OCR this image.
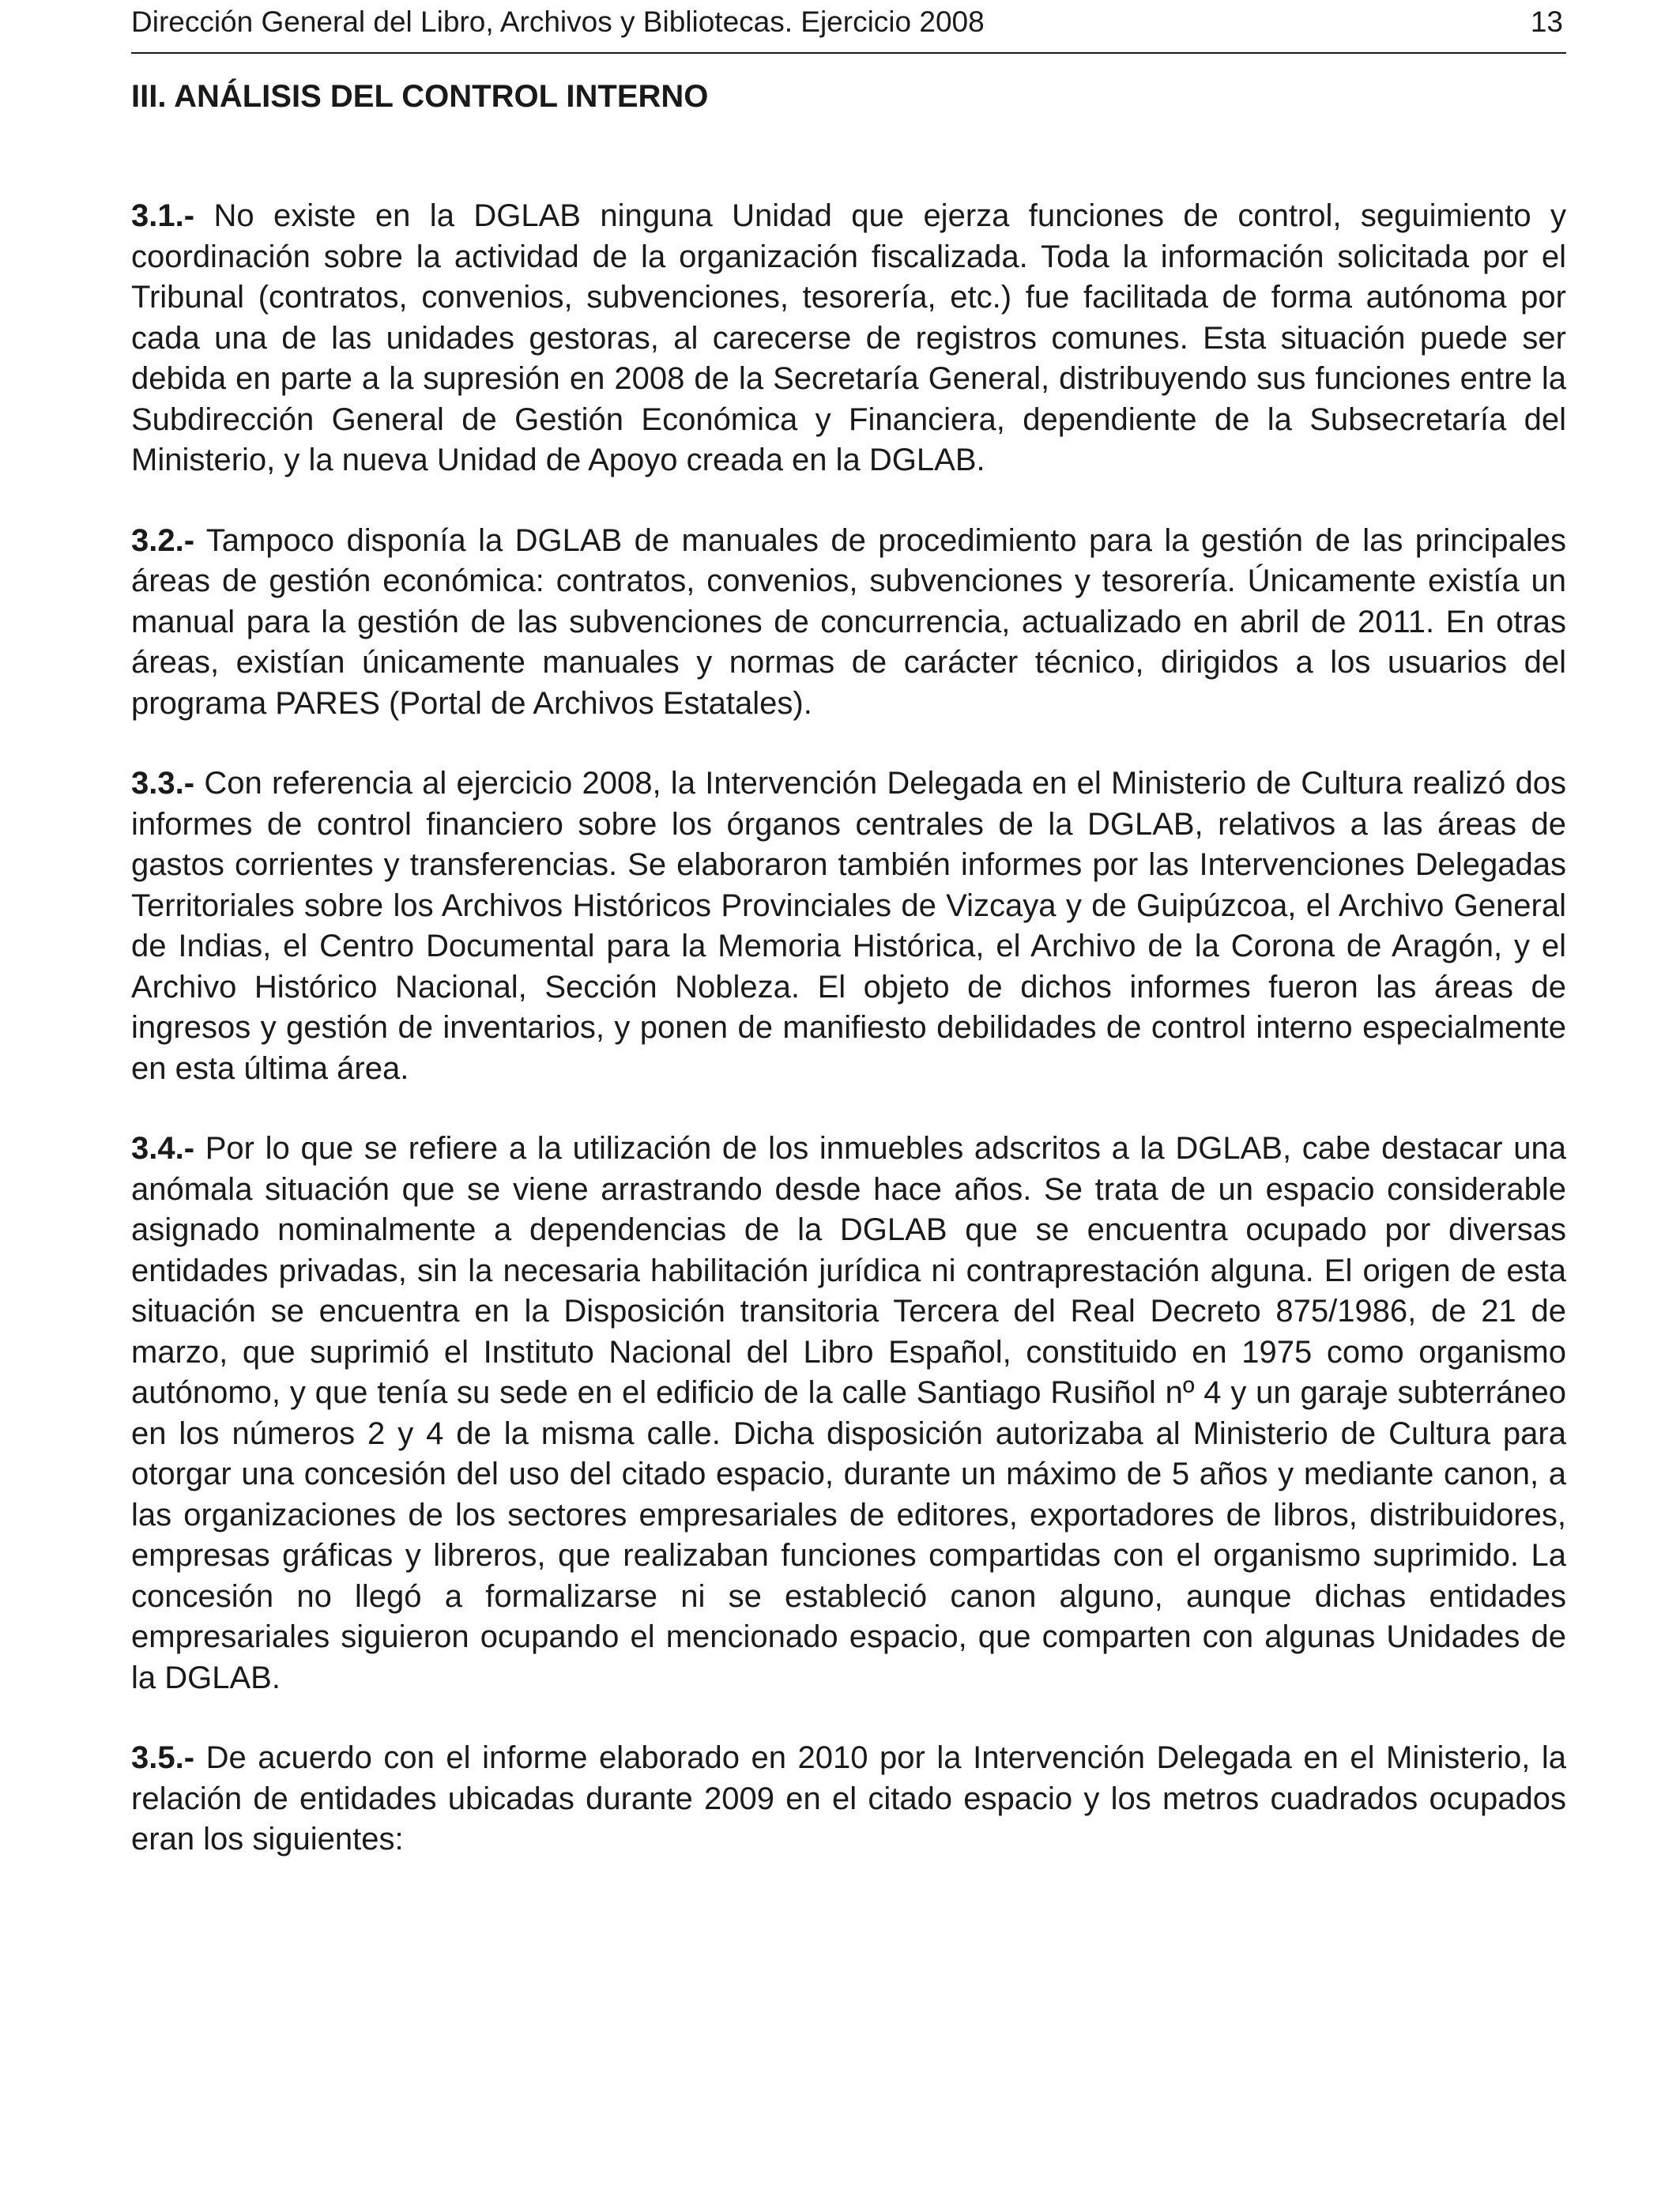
Dirección General del Libro, Archivos y Bibliotecas. Ejercicio 2008	13
III. ANÁLISIS DEL CONTROL INTERNO

3.1.- No existe en la DGLAB ninguna Unidad que ejerza funciones de control, seguimiento y coordinación sobre la actividad de la organización fiscalizada. Toda la información solicitada por el Tribunal (contratos, convenios, subvenciones, tesorería, etc.) fue facilitada de forma autónoma por cada una de las unidades gestoras, al carecerse de registros comunes. Esta situación puede ser debida en parte a la supresión en 2008 de la Secretaría General, distribuyendo sus funciones entre la Subdirección General de Gestión Económica y Financiera, dependiente de la Subsecretaría del Ministerio, y la nueva Unidad de Apoyo creada en la DGLAB.

3.2.- Tampoco disponía la DGLAB de manuales de procedimiento para la gestión de las principales áreas de gestión económica: contratos, convenios, subvenciones y tesorería. Únicamente existía un manual para la gestión de las subvenciones de concurrencia, actualizado en abril de 2011. En otras áreas, existían únicamente manuales y normas de carácter técnico, dirigidos a los usuarios del programa PARES (Portal de Archivos Estatales).

3.3.- Con referencia al ejercicio 2008, la Intervención Delegada en el Ministerio de Cultura realizó dos informes de control financiero sobre los órganos centrales de la DGLAB, relativos a las áreas de gastos corrientes y transferencias. Se elaboraron también informes por las Intervenciones Delegadas Territoriales sobre los Archivos Históricos Provinciales de Vizcaya y de Guipúzcoa, el Archivo General de Indias, el Centro Documental para la Memoria Histórica, el Archivo de la Corona de Aragón, y el Archivo Histórico Nacional, Sección Nobleza. El objeto de dichos informes fueron las áreas de ingresos y gestión de inventarios, y ponen de manifiesto debilidades de control interno especialmente en esta última área.

3.4.- Por lo que se refiere a la utilización de los inmuebles adscritos a la DGLAB, cabe destacar una anómala situación que se viene arrastrando desde hace años. Se trata de un espacio considerable asignado nominalmente a dependencias de la DGLAB que se encuentra ocupado por diversas entidades privadas, sin la necesaria habilitación jurídica ni contraprestación alguna. El origen de esta situación se encuentra en la Disposición transitoria Tercera del Real Decreto 875/1986, de 21 de marzo, que suprimió el Instituto Nacional del Libro Español, constituido en 1975 como organismo autónomo, y que tenía su sede en el edificio de la calle Santiago Rusiñol nº 4 y un garaje subterráneo en los números 2 y 4 de la misma calle. Dicha disposición autorizaba al Ministerio de Cultura para otorgar una concesión del uso del citado espacio, durante un máximo de 5 años y mediante canon, a las organizaciones de los sectores empresariales de editores, exportadores de libros, distribuidores, empresas gráficas y libreros, que realizaban funciones compartidas con el organismo suprimido. La concesión no llegó a formalizarse ni se estableció canon alguno, aunque dichas entidades empresariales siguieron ocupando el mencionado espacio, que comparten con algunas Unidades de la DGLAB.

3.5.- De acuerdo con el informe elaborado en 2010 por la Intervención Delegada en el Ministerio, la relación de entidades ubicadas durante 2009 en el citado espacio y los metros cuadrados ocupados eran los siguientes:
